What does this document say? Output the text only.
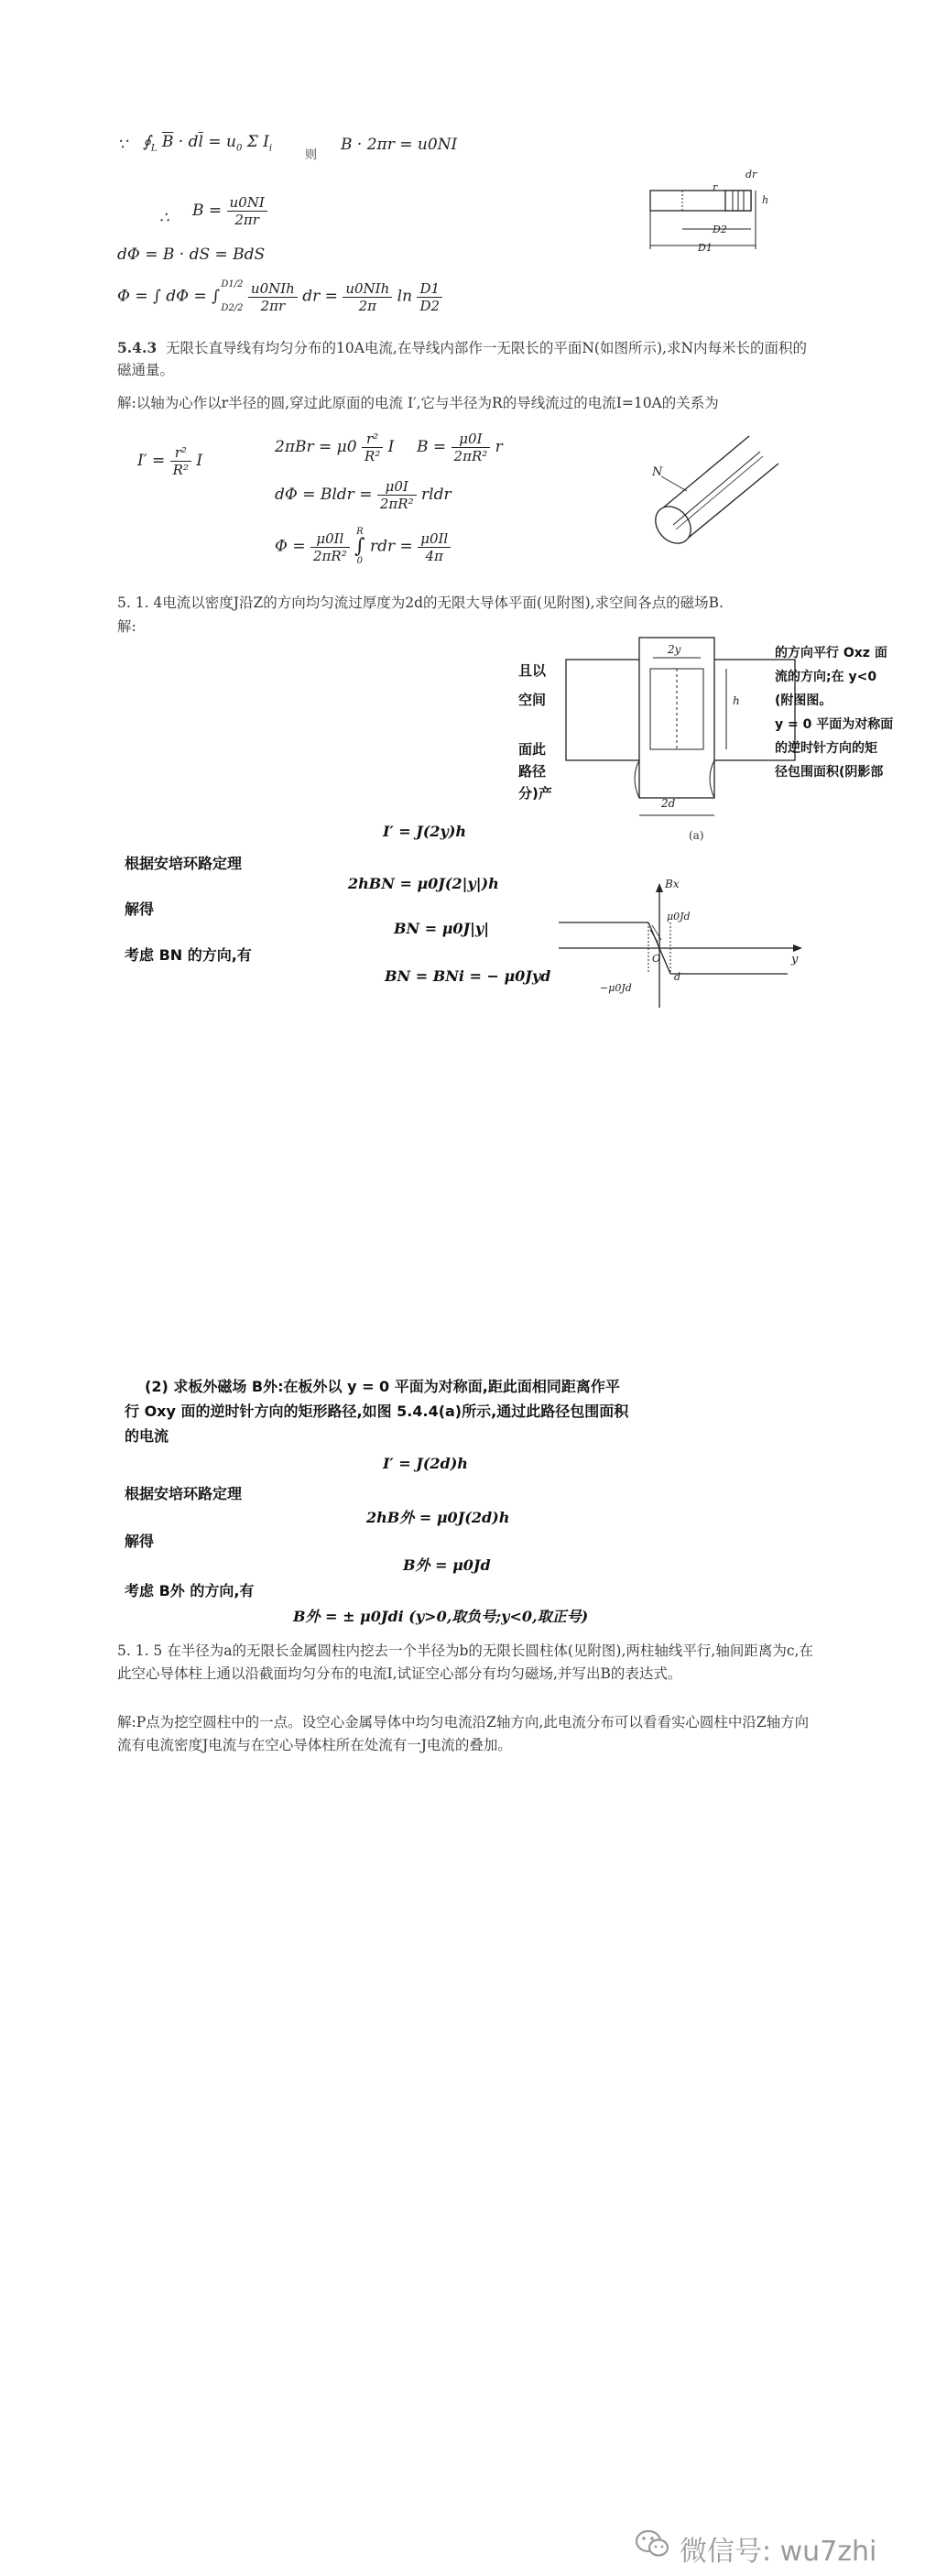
∵ $∮_L$ $\overline{B} \cdot d\overline{l} = u_0$ Σ $I_i$
则
B · 2πr = u0NI
∴ $B = \frac{u0NI}{2\pi r}$
dΦ = B · dS = BdS
Φ = ∫ dΦ = ∫
D1/2
D2/2
$\frac{\text{u0NIh}}{2\pi r}$ dr = $\frac{\text{u0NIh}}{2\pi}$ $\ln \frac{D1}{D2}$
dr
r
h
D2
D1
5.4.3 无限长直导线有均匀分布的10A电流,在导线内部作一无限长的平面N(如图所示),求N内每米长的面积的磁通量。
解:以轴为心作以r半径的圆,穿过此原面的电流 I′,它与半径为R的导线流过的电流I=10A的关系为
$I' = \frac{\text{r²}}{\text{R²}}$ I
$2\pi Br = \mu 0 \frac{\text{r²}}{\text{R²}}$ I $B = \frac{\mu 0I}{\text{2πR²}}$ r
dΦ = Bldr = $\frac{\mu 0I}{\text{2πR²}}$ rldr
$\Phi = \frac{\mu 0Il}{\text{2πR²}}$
R
∫
0
rdr = $\frac{\mu 0Il}{4\pi}$
N
5. 1. 4电流以密度J沿Z的方向均匀流过厚度为2d的无限大导体平面(见附图),求空间各点的磁场B.
解:
且以
空间
面此
路径
分)产
的方向平行 Oxz 面
流的方向;在 y<0
(附图图。
y = 0 平面为对称面
的逆时针方向的矩
径包围面积(阴影部
2y
h
2d
(a)
I′ = J(2y)h
根据安培环路定理
2hBN = μ0J(2|y|)h
解得
BN = μ0J|y|
考虑 BN 的方向,有
BN = BNi = − μ0Jyd
Bx
μ0Jd
y
−μ0Jd
d
O
(2) 求板外磁场 B外:在板外以 y = 0 平面为对称面,距此面相同距离作平
行 Oxy 面的逆时针方向的矩形路径,如图 5.4.4(a)所示,通过此路径包围面积
的电流
I′ = J(2d)h
根据安培环路定理
2hB外 = μ0J(2d)h
解得
B外 = μ0Jd
考虑 B外 的方向,有
B外 = ± μ0Jdi (y>0,取负号;y<0,取正号)
5. 1. 5 在半径为a的无限长金属圆柱内挖去一个半径为b的无限长圆柱体(见附图),两柱轴线平行,轴间距离为c,在此空心导体柱上通以沿截面均匀分布的电流I,试证空心部分有均匀磁场,并写出B的表达式。
解:P点为挖空圆柱中的一点。设空心金属导体中均匀电流沿Z轴方向,此电流分布可以看看实心圆柱中沿Z轴方向流有电流密度J电流与在空心导体柱所在处流有一J电流的叠加。
微信号: wu7zhi
